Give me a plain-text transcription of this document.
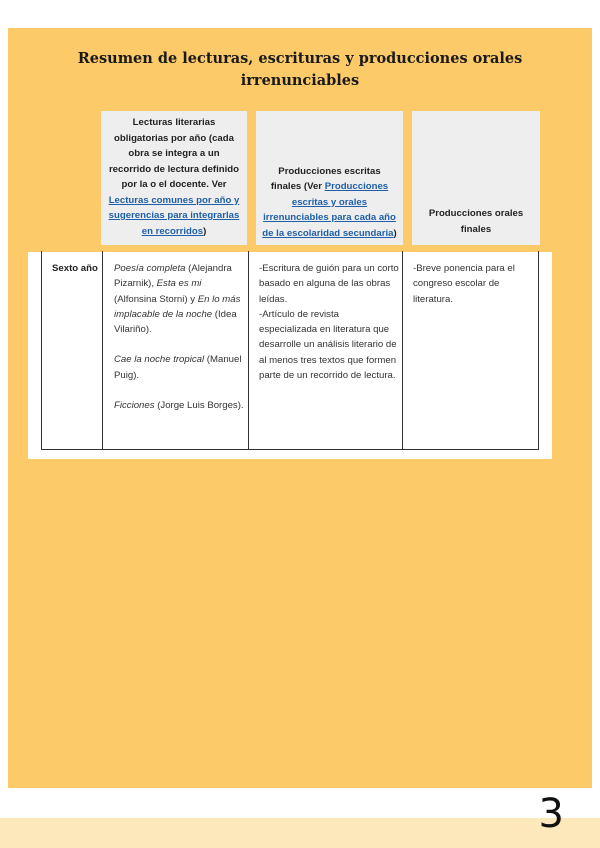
Resumen de lecturas, escrituras y producciones orales
irrenunciables
Lecturas literarias obligatorias por año (cada obra se integra a un recorrido de lectura definido por la o el docente. Ver Lecturas comunes por año y sugerencias para integrarlas en recorridos)
Producciones escritas finales (Ver Producciones escritas y orales irrenunciables para cada año de la escolaridad secundaria)
Producciones orales finales
Sexto año	Poesía completa (Alejandra Pizarnik), Esta es mi (Alfonsina Storni) y En lo más implacable de la noche (Idea Vilariño).

Cae la noche tropical (Manuel Puig).

Ficciones (Jorge Luis Borges).

-Escritura de guión para un corto basado en alguna de las obras leídas.
-Artículo de revista especializada en literatura que desarrolle un análisis literario de al menos tres textos que formen parte de un recorrido de lectura.
-Breve ponencia para el congreso escolar de literatura.
3
